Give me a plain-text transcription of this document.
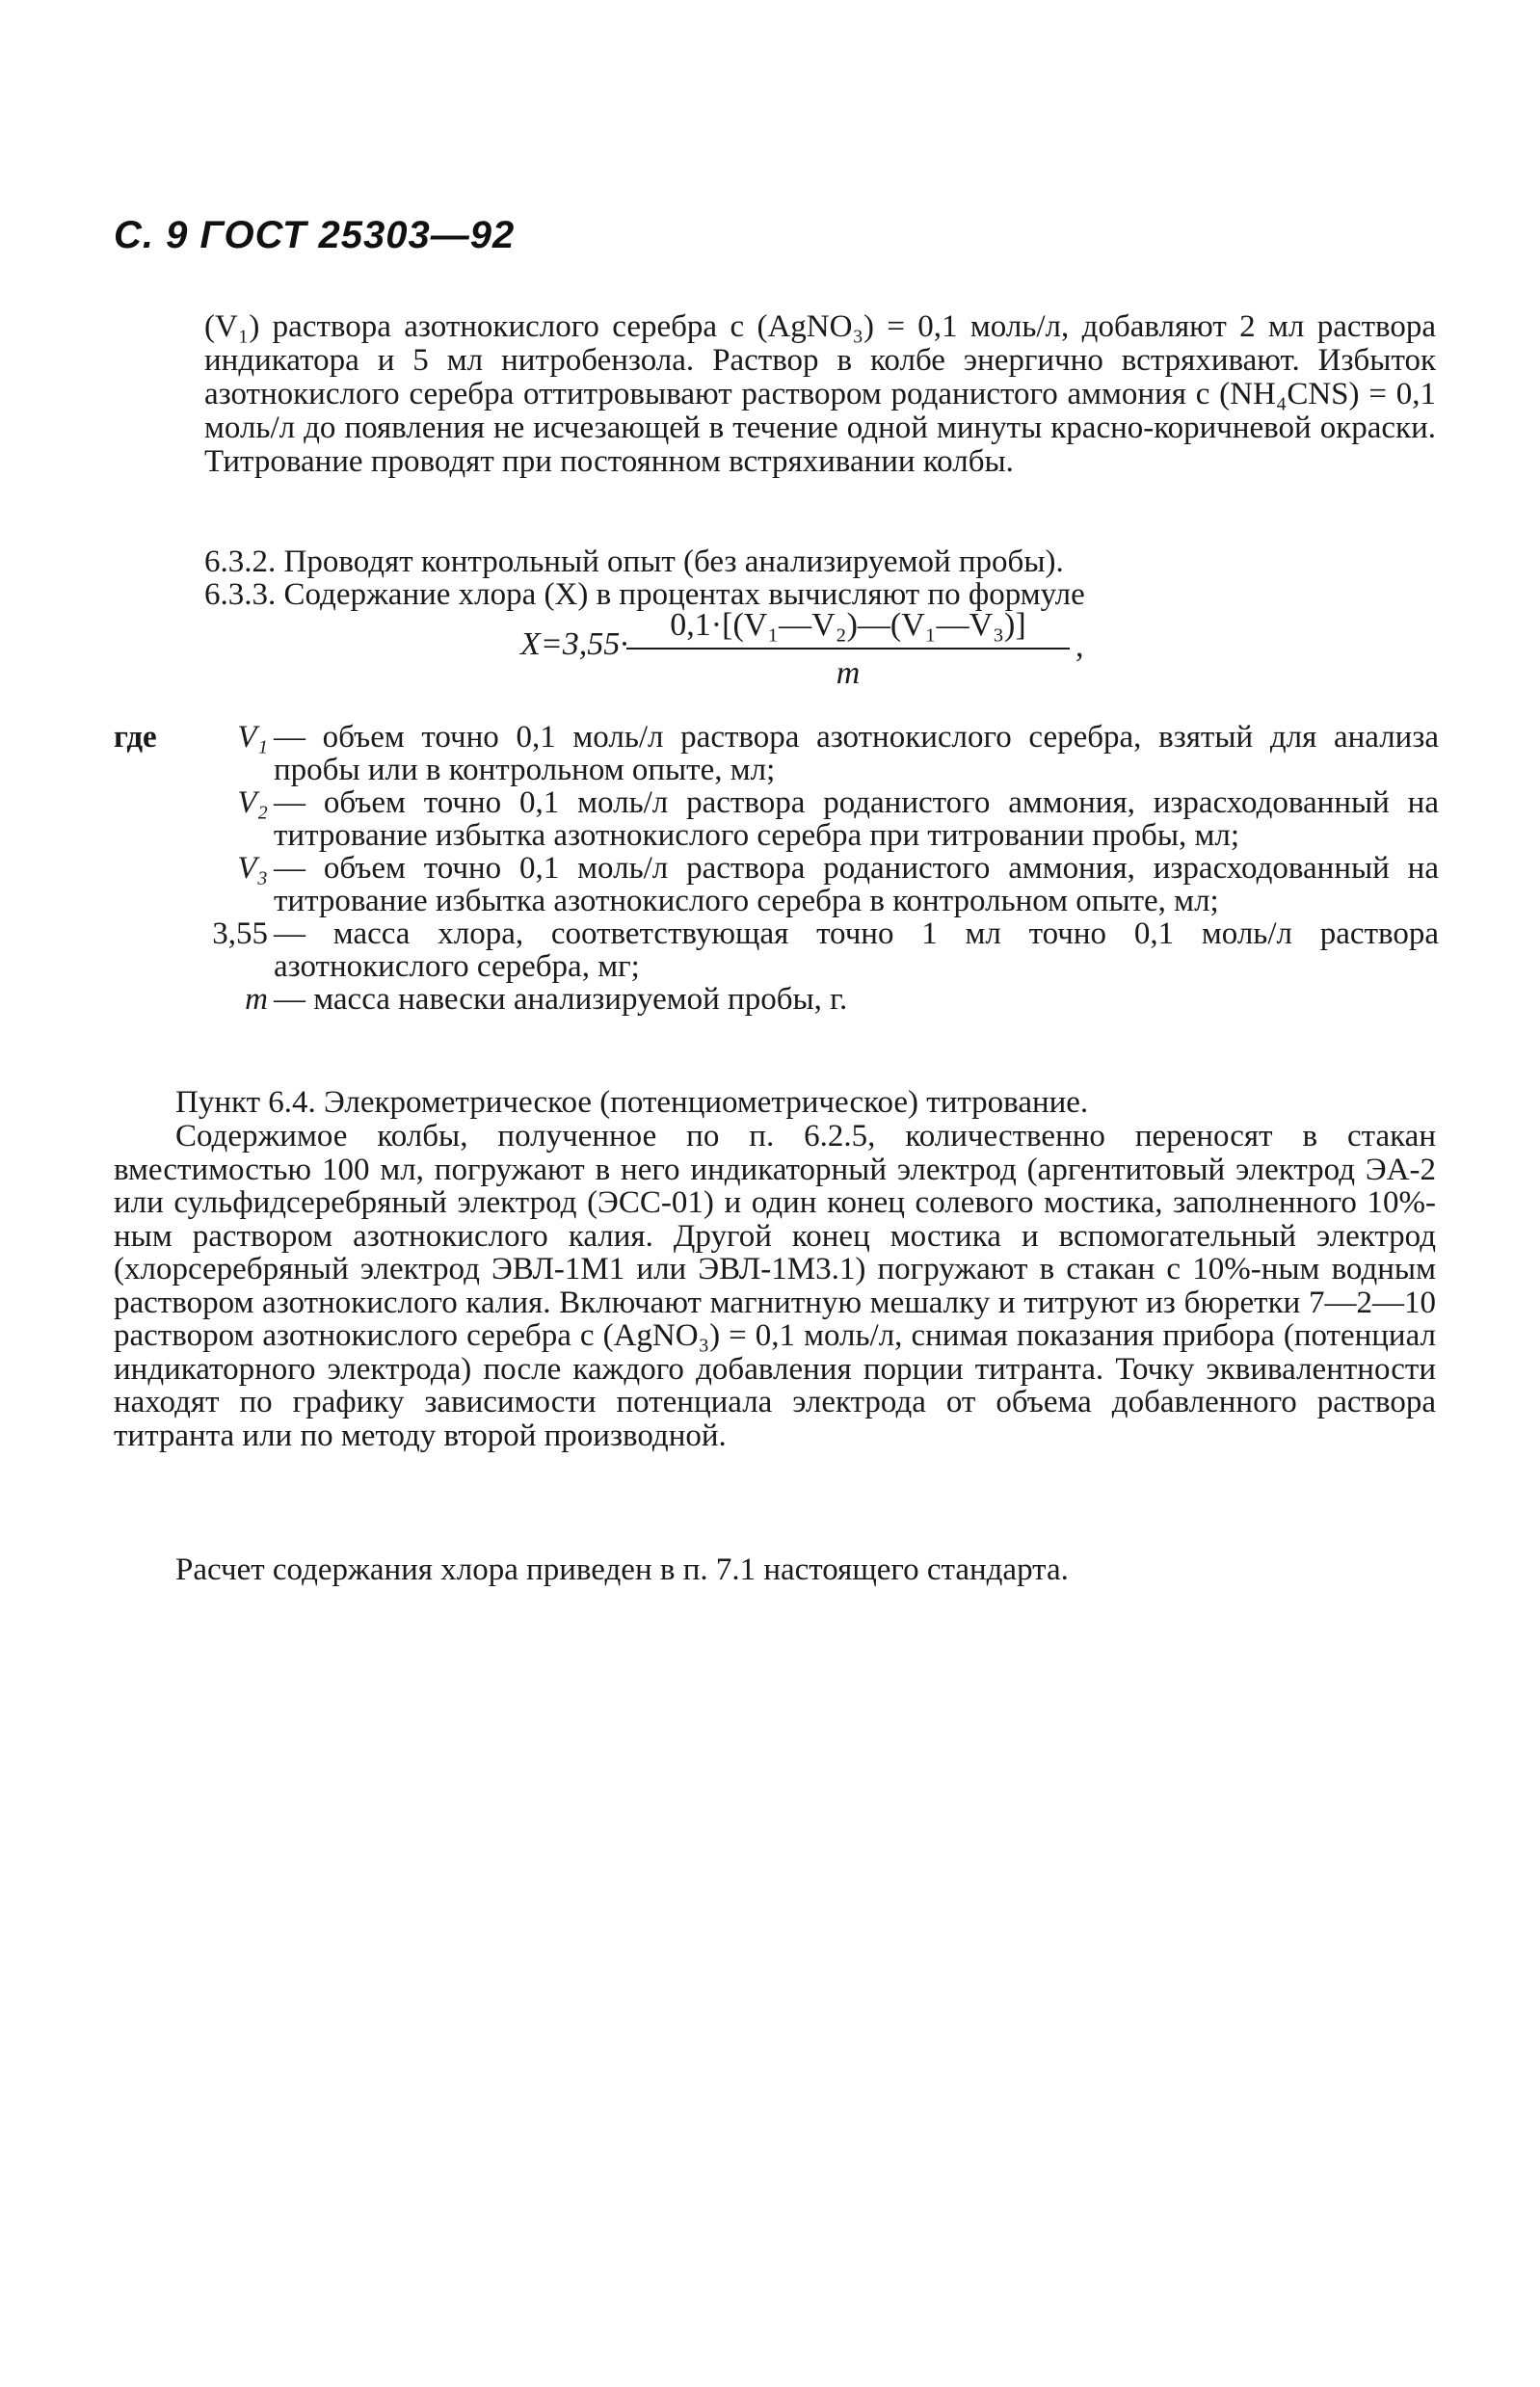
С. 9 ГОСТ 25303—92

(V₁) раствора азотнокислого серебра c (AgNO₃) = 0,1 моль/л, добавляют 2 мл раствора индикатора и 5 мл нитробензола. Раствор в колбе энергично встряхивают. Избыток азотнокислого серебра оттитровывают раствором роданистого аммония c (NH₄CNS) = 0,1 моль/л до появления не исчезающей в течение одной минуты красно-коричневой окраски. Титрование проводят при постоянном встряхивании колбы.

6.3.2. Проводят контрольный опыт (без анализируемой пробы).

6.3.3. Содержание хлора (X) в процентах вычисляют по формуле

X=3,55·
0,1·[(V₁—V₂)—(V₁—V₃)]
m
,
где	V₁ — объем точно 0,1 моль/л раствора азотнокислого серебра, взятый для анализа пробы или в контрольном опыте, мл;
V₂ — объем точно 0,1 моль/л раствора роданистого аммония, израсходованный на титрование избытка азотнокислого серебра при титровании пробы, мл;
V₃ — объем точно 0,1 моль/л раствора роданистого аммония, израсходованный на титрование избытка азотнокислого серебра в контрольном опыте, мл;
3,55 — масса хлора, соответствующая точно 1 мл точно 0,1 моль/л раствора азотнокислого серебра, мг;
m — масса навески анализируемой пробы, г.

Пункт 6.4. Элекрометрическое (потенциометрическое) титрование.

Содержимое колбы, полученное по п. 6.2.5, количественно переносят в стакан вместимостью 100 мл, погружают в него индикаторный электрод (аргентитовый электрод ЭА-2 или сульфидсеребряный электрод (ЭСС-01) и один конец солевого мостика, заполненного 10%-ным раствором азотнокислого калия. Другой конец мостика и вспомогательный электрод (хлорсеребряный электрод ЭВЛ-1М1 или ЭВЛ-1М3.1) погружают в стакан с 10%-ным водным раствором азотнокислого калия. Включают магнитную мешалку и титруют из бюретки 7—2—10 раствором азотнокислого серебра c (AgNO₃) = 0,1 моль/л, снимая показания прибора (потенциал индикаторного электрода) после каждого добавления порции титранта. Точку эквивалентности находят по графику зависимости потенциала электрода от объема добавленного раствора титранта или по методу второй производной.

Расчет содержания хлора приведен в п. 7.1 настоящего стандарта.
